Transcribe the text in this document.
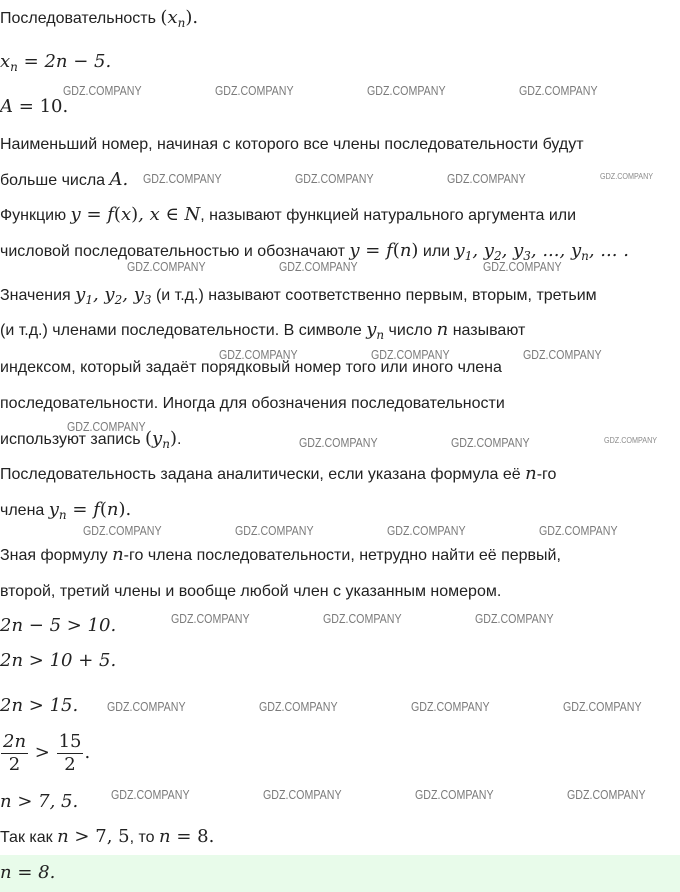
Последовательность $(x_n)$.
$x_n = 2n - 5$.
A = 10.
Наименьший номер, начиная с которого все члены последовательности будут
больше числа A.
Функцию y = f(x), x ∈ N, называют функцией натурального аргумента или
числовой последовательностью и обозначают y = f(n) или $y_1$, $y_2$, $y_3$, ..., $y_n$, ... .
Значения $y_1$, $y_2$, $y_3$ (и т.д.) называют соответственно первым, вторым, третьим
(и т.д.) членами последовательности. В символе $y_n$ число n называют
индексом, который задаёт порядковый номер того или иного члена
последовательности. Иногда для обозначения последовательности
используют запись $(y_n)$.
Последовательность задана аналитически, если указана формула её n-го
члена $y_n = f(n)$.
Зная формулу n-го члена последовательности, нетрудно найти её первый,
второй, третий члены и вообще любой член с указанным номером.
2n − 5 > 10.
2n > 10 + 5.
2n > 15.
$\frac{2n}{2} > \frac{15}{2}$ .
n > 7, 5.
Так как n > 7, 5, то n = 8.
n = 8.
GDZ.COMPANY	GDZ.COMPANY	GDZ.COMPANY	GDZ.COMPANY
GDZ.COMPANY	GDZ.COMPANY	GDZ.COMPANY	GDZ.COMPANY
GDZ.COMPANY	GDZ.COMPANY	GDZ.COMPANY
GDZ.COMPANY	GDZ.COMPANY	GDZ.COMPANY
GDZ.COMPANY
GDZ.COMPANY	GDZ.COMPANY	GDZ.COMPANY
GDZ.COMPANY	GDZ.COMPANY	GDZ.COMPANY	GDZ.COMPANY
GDZ.COMPANY	GDZ.COMPANY	GDZ.COMPANY
GDZ.COMPANY	GDZ.COMPANY	GDZ.COMPANY	GDZ.COMPANY
GDZ.COMPANY	GDZ.COMPANY	GDZ.COMPANY	GDZ.COMPANY
